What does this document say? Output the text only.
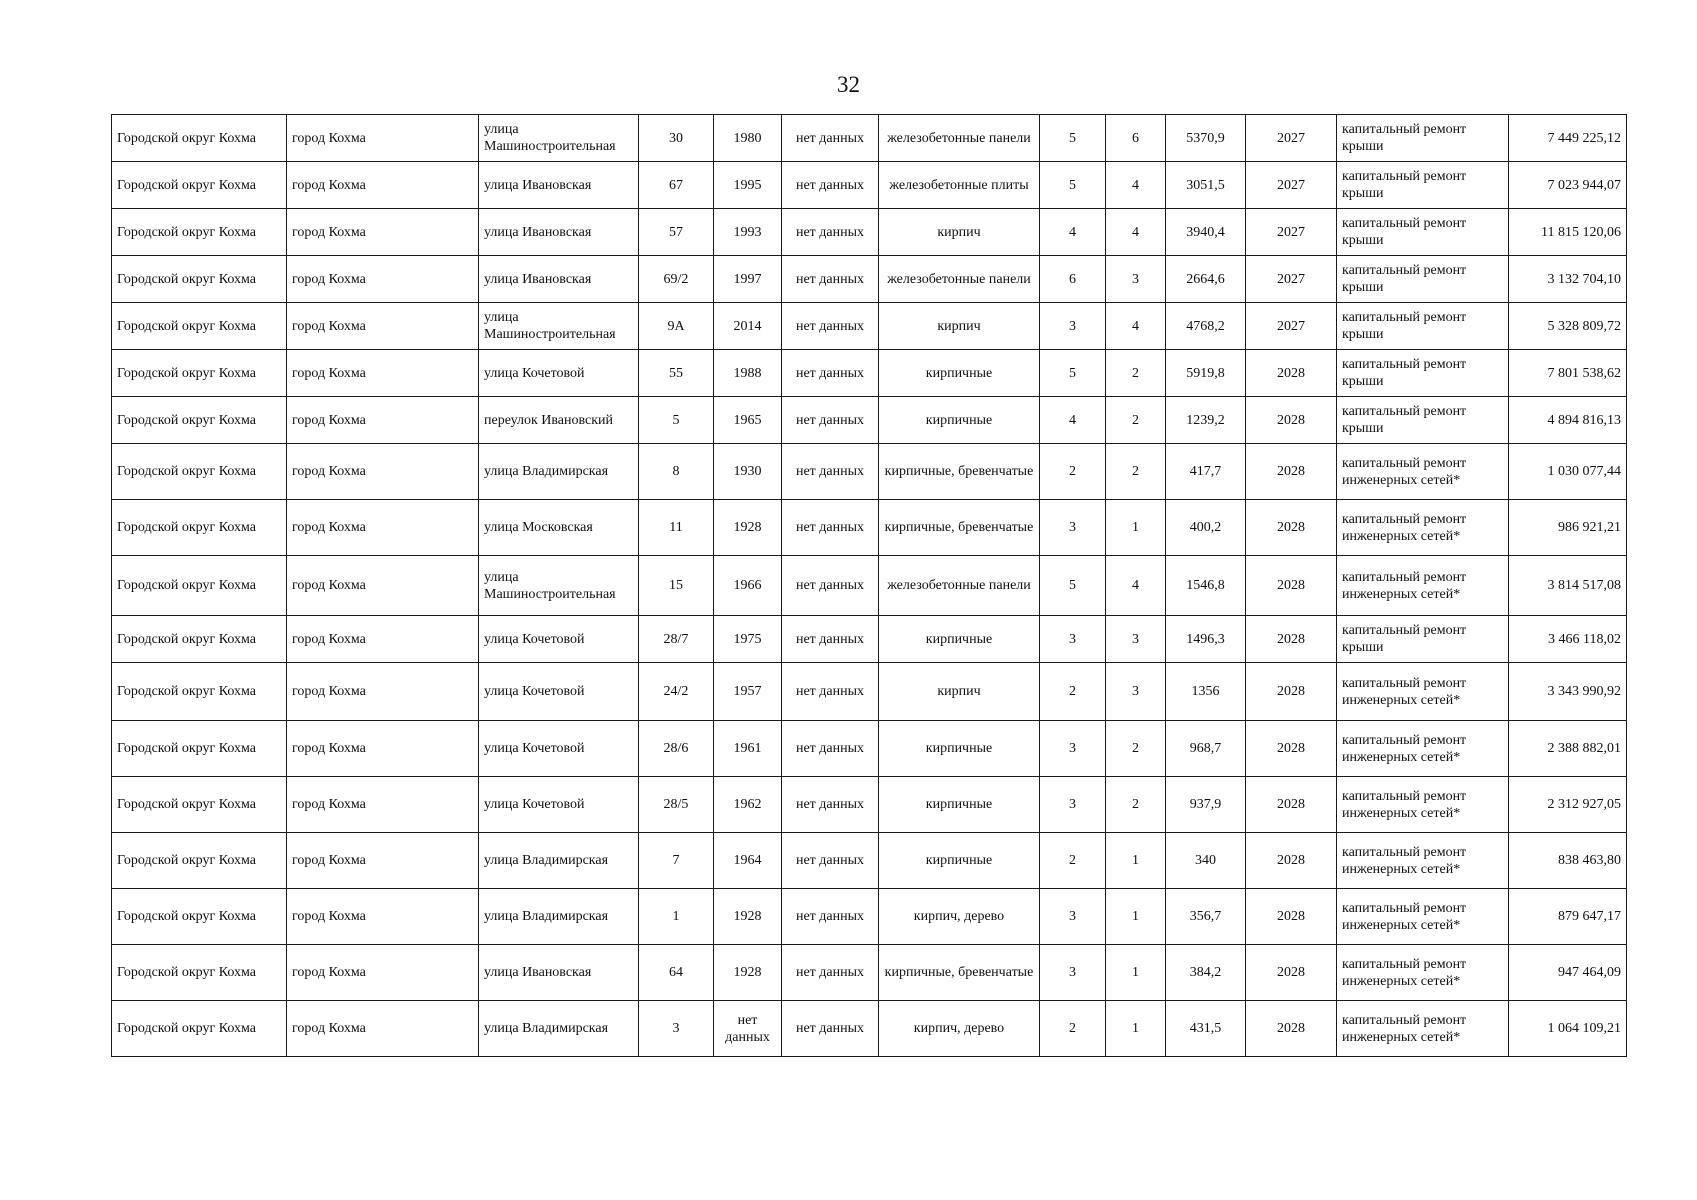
32
Городской округ Кохма	город Кохма	улица Машиностроительная	30	1980	нет данных	железобетонные панели	5	6	5370,9	2027	капитальный ремонт крыши	7 449 225,12
Городской округ Кохма	город Кохма	улица Ивановская	67	1995	нет данных	железобетонные плиты	5	4	3051,5	2027	капитальный ремонт крыши	7 023 944,07
Городской округ Кохма	город Кохма	улица Ивановская	57	1993	нет данных	кирпич	4	4	3940,4	2027	капитальный ремонт крыши	11 815 120,06
Городской округ Кохма	город Кохма	улица Ивановская	69/2	1997	нет данных	железобетонные панели	6	3	2664,6	2027	капитальный ремонт крыши	3 132 704,10
Городской округ Кохма	город Кохма	улица Машиностроительная	9А	2014	нет данных	кирпич	3	4	4768,2	2027	капитальный ремонт крыши	5 328 809,72
Городской округ Кохма	город Кохма	улица Кочетовой	55	1988	нет данных	кирпичные	5	2	5919,8	2028	капитальный ремонт крыши	7 801 538,62
Городской округ Кохма	город Кохма	переулок Ивановский	5	1965	нет данных	кирпичные	4	2	1239,2	2028	капитальный ремонт крыши	4 894 816,13
Городской округ Кохма	город Кохма	улица Владимирская	8	1930	нет данных	кирпичные, бревенчатые	2	2	417,7	2028	капитальный ремонт инженерных сетей*	1 030 077,44
Городской округ Кохма	город Кохма	улица Московская	11	1928	нет данных	кирпичные, бревенчатые	3	1	400,2	2028	капитальный ремонт инженерных сетей*	986 921,21
Городской округ Кохма	город Кохма	улица Машиностроительная	15	1966	нет данных	железобетонные панели	5	4	1546,8	2028	капитальный ремонт инженерных сетей*	3 814 517,08
Городской округ Кохма	город Кохма	улица Кочетовой	28/7	1975	нет данных	кирпичные	3	3	1496,3	2028	капитальный ремонт крыши	3 466 118,02
Городской округ Кохма	город Кохма	улица Кочетовой	24/2	1957	нет данных	кирпич	2	3	1356	2028	капитальный ремонт инженерных сетей*	3 343 990,92
Городской округ Кохма	город Кохма	улица Кочетовой	28/6	1961	нет данных	кирпичные	3	2	968,7	2028	капитальный ремонт инженерных сетей*	2 388 882,01
Городской округ Кохма	город Кохма	улица Кочетовой	28/5	1962	нет данных	кирпичные	3	2	937,9	2028	капитальный ремонт инженерных сетей*	2 312 927,05
Городской округ Кохма	город Кохма	улица Владимирская	7	1964	нет данных	кирпичные	2	1	340	2028	капитальный ремонт инженерных сетей*	838 463,80
Городской округ Кохма	город Кохма	улица Владимирская	1	1928	нет данных	кирпич, дерево	3	1	356,7	2028	капитальный ремонт инженерных сетей*	879 647,17
Городской округ Кохма	город Кохма	улица Ивановская	64	1928	нет данных	кирпичные, бревенчатые	3	1	384,2	2028	капитальный ремонт инженерных сетей*	947 464,09
Городской округ Кохма	город Кохма	улица Владимирская	3	нет данных	нет данных	кирпич, дерево	2	1	431,5	2028	капитальный ремонт инженерных сетей*	1 064 109,21
